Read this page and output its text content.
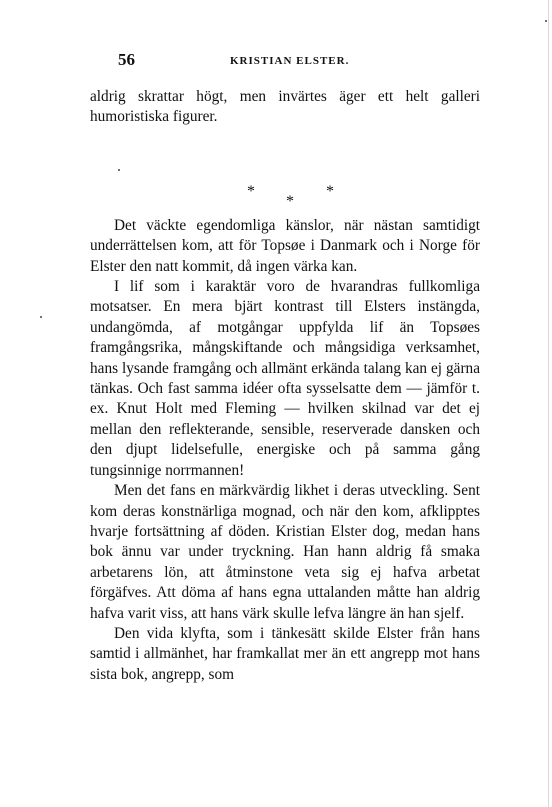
56	KRISTIAN ELSTER.

aldrig skrattar högt, men invärtes äger ett helt galleri humoristiska figurer.

*
*
*

Det väckte egendomliga känslor, när nästan samtidigt underrättelsen kom, att för Topsøe i Danmark och i Norge för Elster den natt kommit, då ingen värka kan.

I lif som i karaktär voro de hvarandras fullkomliga motsatser. En mera bjärt kontrast till Elsters instängda, undangömda, af motgångar uppfylda lif än Topsøes framgångsrika, mångskiftande och mångsidiga verksamhet, hans lysande framgång och allmänt erkända talang kan ej gärna tänkas. Och fast samma idéer ofta sysselsatte dem — jämför t. ex. Knut Holt med Fleming — hvilken skilnad var det ej mellan den reflekterande, sensible, reserverade dansken och den djupt lidelsefulle, energiske och på samma gång tungsinnige norrmannen!

Men det fans en märkvärdig likhet i deras utveckling. Sent kom deras konstnärliga mognad, och när den kom, afklipptes hvarje fortsättning af döden. Kristian Elster dog, medan hans bok ännu var under tryckning. Han hann aldrig få smaka arbetarens lön, att åtminstone veta sig ej hafva arbetat förgäfves. Att döma af hans egna uttalanden måtte han aldrig hafva varit viss, att hans värk skulle lefva längre än han sjelf.

Den vida klyfta, som i tänkesätt skilde Elster från hans samtid i allmänhet, har framkallat mer än ett angrepp mot hans sista bok, angrepp, som
